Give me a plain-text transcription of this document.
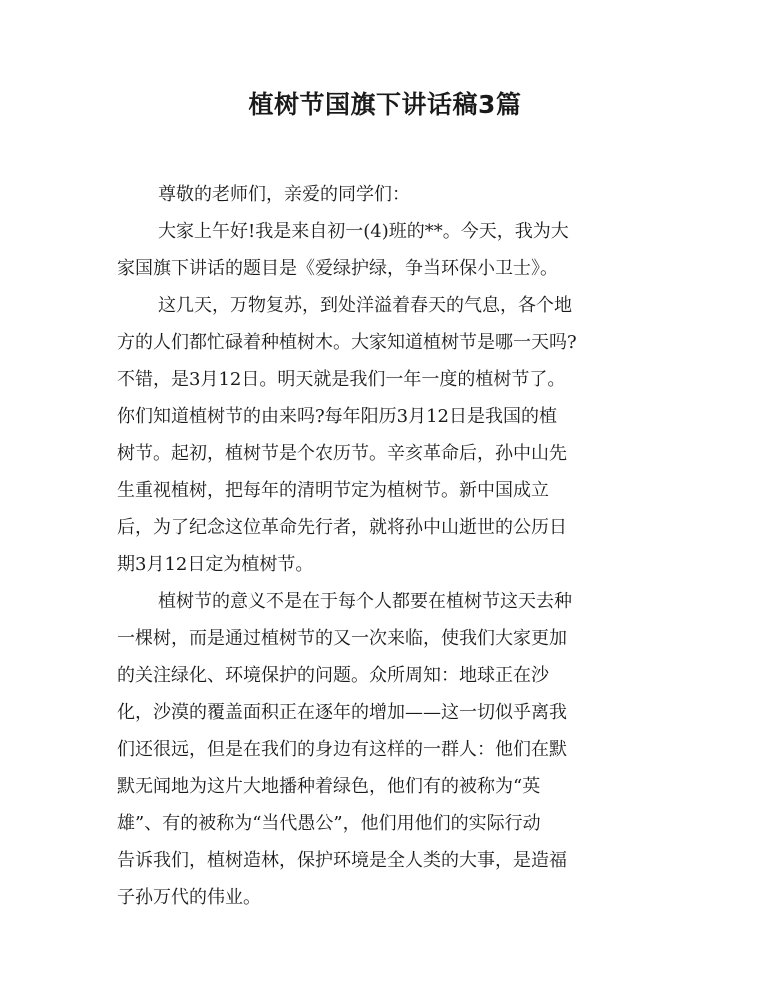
植树节国旗下讲话稿3篇
尊敬的老师们，亲爱的同学们：
大家上午好!我是来自初一(4)班的**。今天，我为大
家国旗下讲话的题目是《爱绿护绿，争当环保小卫士》。
这几天，万物复苏，到处洋溢着春天的气息，各个地
方的人们都忙碌着种植树木。大家知道植树节是哪一天吗?
不错，是3月12日。明天就是我们一年一度的植树节了。
你们知道植树节的由来吗?每年阳历3月12日是我国的植
树节。起初，植树节是个农历节。辛亥革命后，孙中山先
生重视植树，把每年的清明节定为植树节。新中国成立
后，为了纪念这位革命先行者，就将孙中山逝世的公历日
期3月12日定为植树节。
植树节的意义不是在于每个人都要在植树节这天去种
一棵树，而是通过植树节的又一次来临，使我们大家更加
的关注绿化、环境保护的问题。众所周知：地球正在沙
化，沙漠的覆盖面积正在逐年的增加——这一切似乎离我
们还很远，但是在我们的身边有这样的一群人：他们在默
默无闻地为这片大地播种着绿色，他们有的被称为“英
雄”、有的被称为“当代愚公”，他们用他们的实际行动
告诉我们，植树造林，保护环境是全人类的大事，是造福
子孙万代的伟业。
